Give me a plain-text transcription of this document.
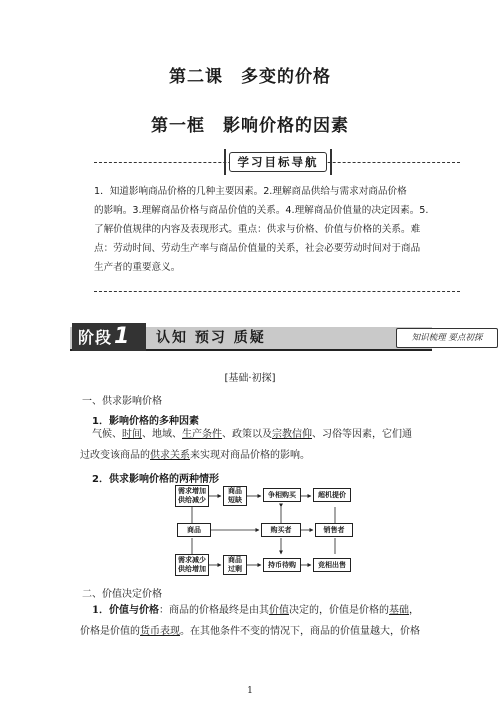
第二课　多变的价格
第一框　影响价格的因素
学习目标导航

1．知道影响商品价格的几种主要因素。2.理解商品供给与需求对商品价格

的影响。3.理解商品价格与商品价值的关系。4.理解商品价值量的决定因素。5.

了解价值规律的内容及表现形式。重点：供求与价格、价值与价格的关系。难

点：劳动时间、劳动生产率与商品价值量的关系，社会必要劳动时间对于商品

生产者的重要意义。

阶段1	认知 预习 质疑	知识梳理 要点初探
[基础·初探]
一、供求影响价格
1．影响价格的多种因素

气候、时间、地域、生产条件、政策以及宗教信仰、习俗等因素，它们通

过改变该商品的供求关系来实现对商品价格的影响。

2．供求影响价格的两种情形
需求增加
供给减少
商品
短缺
争相购买	超机提价
商品	购买者	销售者
需求减少
供给增加
商品
过剩
持币待购	竞相出售
二、价值决定价格

1．价值与价格：商品的价格最终是由其价值决定的，价值是价格的基础，

价格是价值的货币表现。在其他条件不变的情况下，商品的价值量越大，价格

1
